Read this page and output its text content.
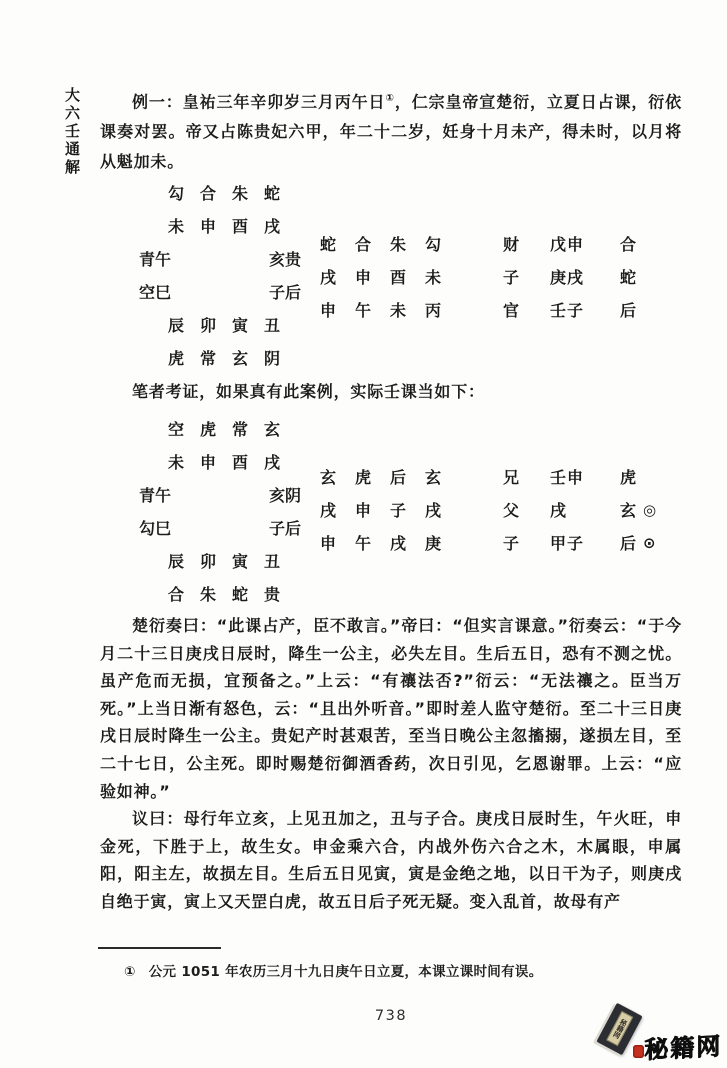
大六壬通解	例一：皇祐三年辛卯岁三月丙午日①，仁宗皇帝宣楚衍，立夏日占课，衍依课奏对罢。帝又占陈贵妃六甲，年二十二岁，妊身十月未产，得未时，以月将从魁加未。

勾 合 朱 蛇
未 申 酉 戌
青午	亥贵
空巳	子后
辰 卯 寅 丑
虎 常 玄 阴
蛇 合 朱 勾	财 戊申	合
戌 申 酉 未	子 庚戌	蛇
申 午 未 丙	官 壬子	后
笔者考证，如果真有此案例，实际壬课当如下：
空 虎 常 玄
未 申 酉 戌
青午	亥阴
勾巳	子后
辰 卯 寅 丑
合 朱 蛇 贵
玄 虎 后 玄	兄 壬申	虎
戌 申 子 戌	父 戌	玄 ◎
申 午 戌 庚	子 甲子	后 ⊙

楚衍奏曰：“此课占产，臣不敢言。”帝曰：“但实言课意。”衍奏云：“于今月二十三日庚戌日辰时，降生一公主，必失左目。生后五日，恐有不测之忧。虽产危而无损，宜预备之。”上云：“有禳法否?”衍云：“无法禳之。臣当万死。”上当日渐有怒色，云：“且出外听音。”即时差人监守楚衍。至二十三日庚戌日辰时降生一公主。贵妃产时甚艰苦，至当日晚公主忽搐搦，遂损左目，至二十七日，公主死。即时赐楚衍御酒香药，次日引见，乞恩谢罪。上云：“应验如神。”

议曰：母行年立亥，上见丑加之，丑与子合。庚戌日辰时生，午火旺，申金死，下胜于上，故生女。申金乘六合，内战外伤六合之木，木属眼，申属阳，阳主左，故损左目。生后五日见寅，寅是金绝之地，以日干为子，则庚戌自绝于寅，寅上又天罡白虎，故五日后子死无疑。变入乱首，故母有产

① 公元 1051 年农历三月十九日庚午日立夏，本课立课时间有误。
738
秘籍网
秘籍网
